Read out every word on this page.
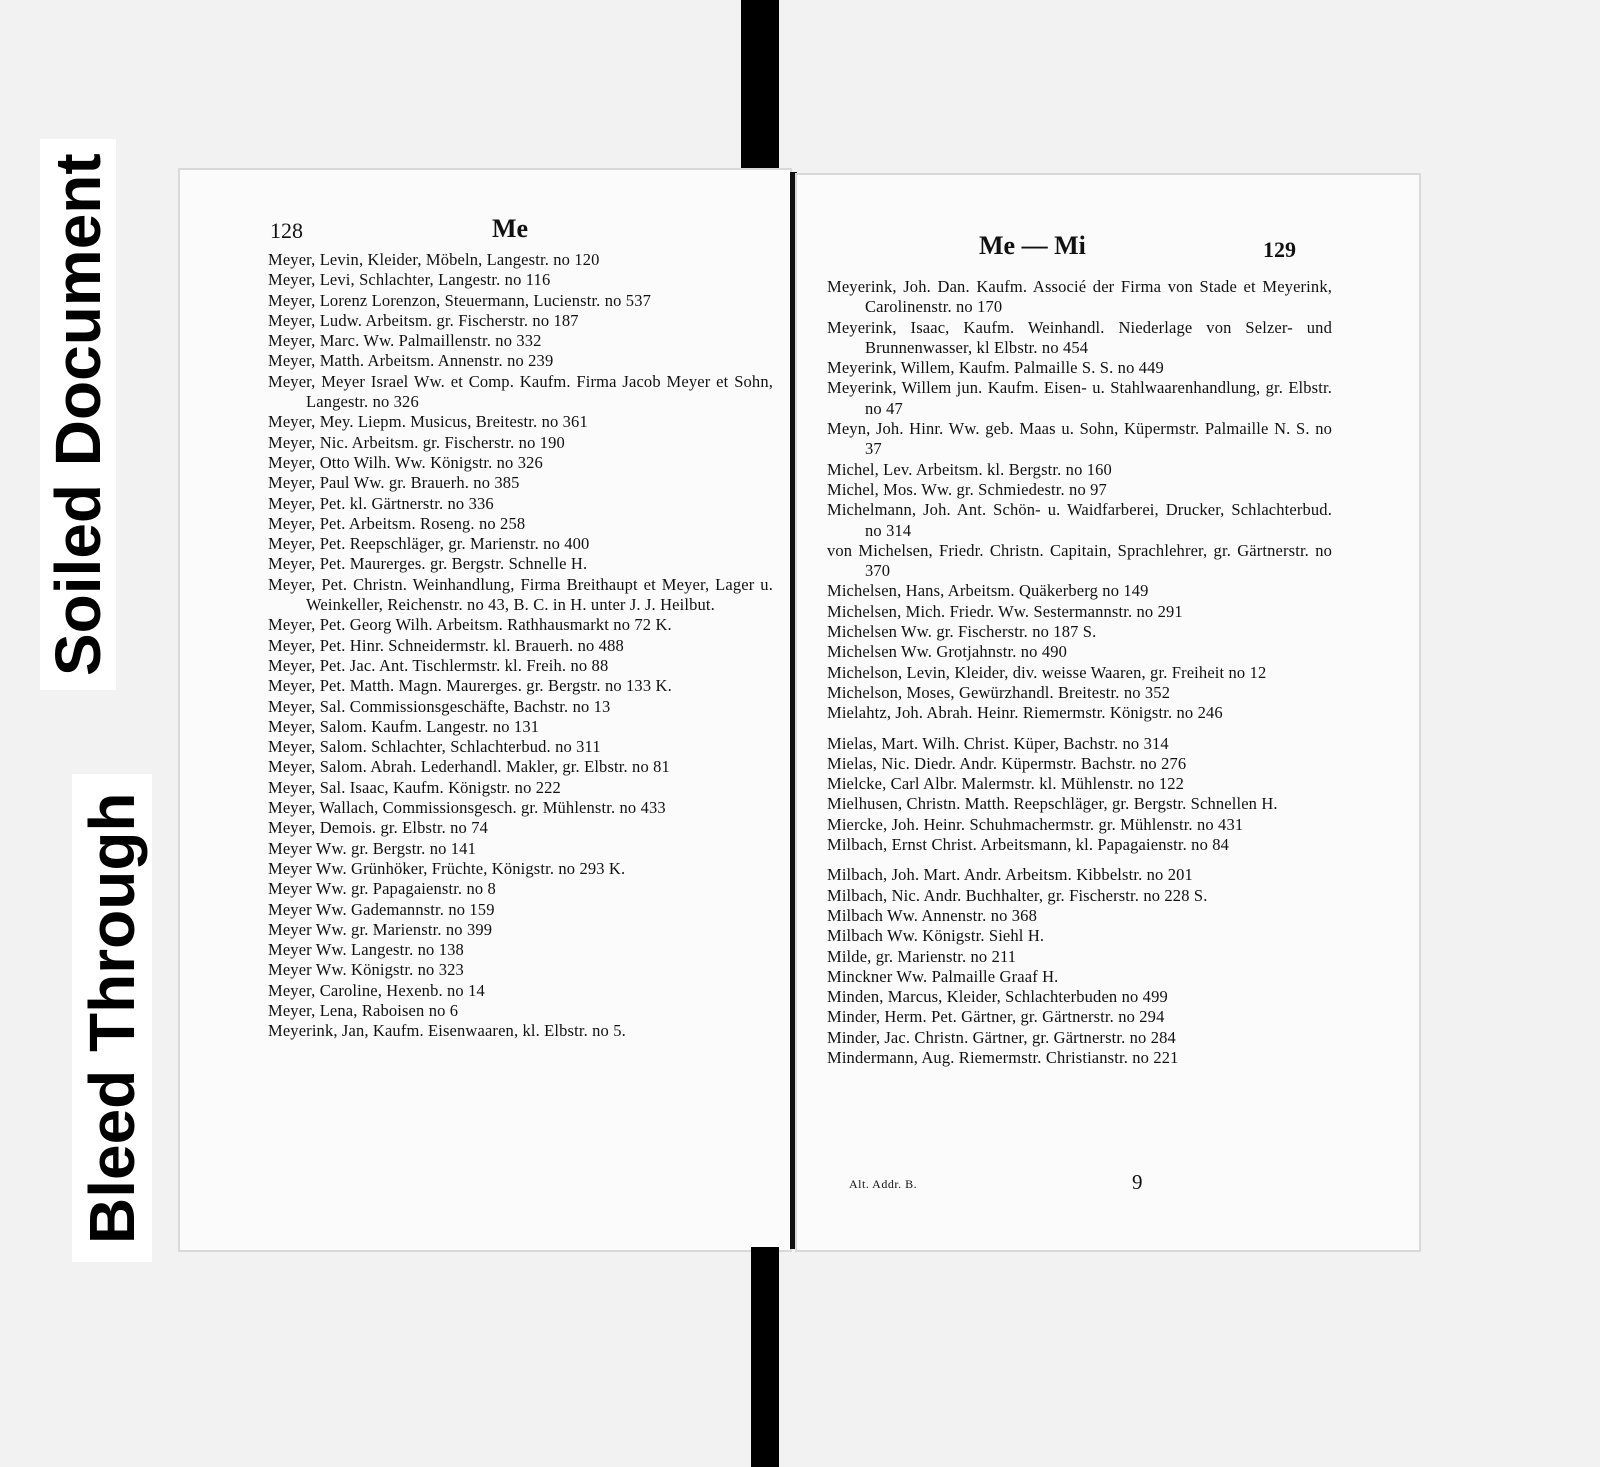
Soiled Document
Bleed Through
128	Me
Meyer, Levin, Kleider, Möbeln, Langestr. no 120
Meyer, Levi, Schlachter, Langestr. no 116
Meyer, Lorenz Lorenzon, Steuermann, Lucienstr. no 537
Meyer, Ludw. Arbeitsm. gr. Fischerstr. no 187
Meyer, Marc. Ww. Palmaillenstr. no 332
Meyer, Matth. Arbeitsm. Annenstr. no 239
Meyer, Meyer Israel Ww. et Comp. Kaufm. Firma Jacob Meyer et Sohn, Langestr. no 326
Meyer, Mey. Liepm. Musicus, Breitestr. no 361
Meyer, Nic. Arbeitsm. gr. Fischerstr. no 190
Meyer, Otto Wilh. Ww. Königstr. no 326
Meyer, Paul Ww. gr. Brauerh. no 385
Meyer, Pet. kl. Gärtnerstr. no 336
Meyer, Pet. Arbeitsm. Roseng. no 258
Meyer, Pet. Reepschläger, gr. Marienstr. no 400
Meyer, Pet. Maurerges. gr. Bergstr. Schnelle H.
Meyer, Pet. Christn. Weinhandlung, Firma Breithaupt et Meyer, Lager u. Weinkeller, Reichenstr. no 43, B. C. in H. unter J. J. Heilbut.
Meyer, Pet. Georg Wilh. Arbeitsm. Rathhausmarkt no 72 K.
Meyer, Pet. Hinr. Schneidermstr. kl. Brauerh. no 488
Meyer, Pet. Jac. Ant. Tischlermstr. kl. Freih. no 88
Meyer, Pet. Matth. Magn. Maurerges. gr. Bergstr. no 133 K.
Meyer, Sal. Commissionsgeschäfte, Bachstr. no 13
Meyer, Salom. Kaufm. Langestr. no 131
Meyer, Salom. Schlachter, Schlachterbud. no 311
Meyer, Salom. Abrah. Lederhandl. Makler, gr. Elbstr. no 81
Meyer, Sal. Isaac, Kaufm. Königstr. no 222
Meyer, Wallach, Commissionsgesch. gr. Mühlenstr. no 433
Meyer, Demois. gr. Elbstr. no 74
Meyer Ww. gr. Bergstr. no 141
Meyer Ww. Grünhöker, Früchte, Königstr. no 293 K.
Meyer Ww. gr. Papagaienstr. no 8
Meyer Ww. Gademannstr. no 159
Meyer Ww. gr. Marienstr. no 399
Meyer Ww. Langestr. no 138
Meyer Ww. Königstr. no 323
Meyer, Caroline, Hexenb. no 14
Meyer, Lena, Raboisen no 6
Meyerink, Jan, Kaufm. Eisenwaaren, kl. Elbstr. no 5.
Me — Mi	129
Meyerink, Joh. Dan. Kaufm. Associé der Firma von Stade et Meyerink, Carolinenstr. no 170
Meyerink, Isaac, Kaufm. Weinhandl. Niederlage von Selzer- und Brunnenwasser, kl Elbstr. no 454
Meyerink, Willem, Kaufm. Palmaille S. S. no 449
Meyerink, Willem jun. Kaufm. Eisen- u. Stahlwaarenhandlung, gr. Elbstr. no 47
Meyn, Joh. Hinr. Ww. geb. Maas u. Sohn, Küpermstr. Palmaille N. S. no 37
Michel, Lev. Arbeitsm. kl. Bergstr. no 160
Michel, Mos. Ww. gr. Schmiedestr. no 97
Michelmann, Joh. Ant. Schön- u. Waidfarberei, Drucker, Schlachterbud. no 314
von Michelsen, Friedr. Christn. Capitain, Sprachlehrer, gr. Gärtnerstr. no 370
Michelsen, Hans, Arbeitsm. Quäkerberg no 149
Michelsen, Mich. Friedr. Ww. Sestermannstr. no 291
Michelsen Ww. gr. Fischerstr. no 187 S.
Michelsen Ww. Grotjahnstr. no 490
Michelson, Levin, Kleider, div. weisse Waaren, gr. Freiheit no 12
Michelson, Moses, Gewürzhandl. Breitestr. no 352
Mielahtz, Joh. Abrah. Heinr. Riemermstr. Königstr. no 246
Mielas, Mart. Wilh. Christ. Küper, Bachstr. no 314
Mielas, Nic. Diedr. Andr. Küpermstr. Bachstr. no 276
Mielcke, Carl Albr. Malermstr. kl. Mühlenstr. no 122
Mielhusen, Christn. Matth. Reepschläger, gr. Bergstr. Schnellen H.
Miercke, Joh. Heinr. Schuhmachermstr. gr. Mühlenstr. no 431
Milbach, Ernst Christ. Arbeitsmann, kl. Papagaienstr. no 84
Milbach, Joh. Mart. Andr. Arbeitsm. Kibbelstr. no 201
Milbach, Nic. Andr. Buchhalter, gr. Fischerstr. no 228 S.
Milbach Ww. Annenstr. no 368
Milbach Ww. Königstr. Siehl H.
Milde, gr. Marienstr. no 211
Minckner Ww. Palmaille Graaf H.
Minden, Marcus, Kleider, Schlachterbuden no 499
Minder, Herm. Pet. Gärtner, gr. Gärtnerstr. no 294
Minder, Jac. Christn. Gärtner, gr. Gärtnerstr. no 284
Mindermann, Aug. Riemermstr. Christianstr. no 221
Alt. Addr. B.	9
